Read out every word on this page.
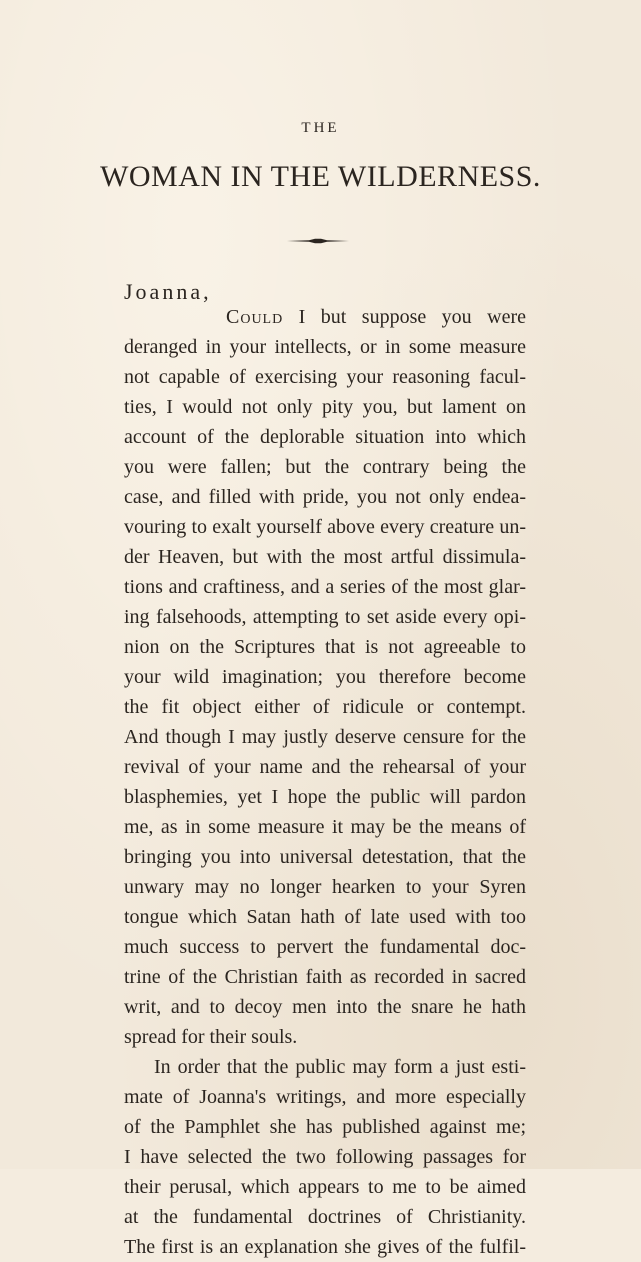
THE
WOMAN IN THE WILDERNESS.
Joanna,
Could I but suppose you were
deranged in your intellects, or in some measure
not capable of exercising your reasoning facul-
ties, I would not only pity you, but lament on
account of the deplorable situation into which
you were fallen; but the contrary being the
case, and filled with pride, you not only endea-
vouring to exalt yourself above every creature un-
der Heaven, but with the most artful dissimula-
tions and craftiness, and a series of the most glar-
ing falsehoods, attempting to set aside every opi-
nion on the Scriptures that is not agreeable to
your wild imagination; you therefore become
the fit object either of ridicule or contempt.
And though I may justly deserve censure for the
revival of your name and the rehearsal of your
blasphemies, yet I hope the public will pardon
me, as in some measure it may be the means of
bringing you into universal detestation, that the
unwary may no longer hearken to your Syren
tongue which Satan hath of late used with too
much success to pervert the fundamental doc-
trine of the Christian faith as recorded in sacred
writ, and to decoy men into the snare he hath
spread for their souls.
In order that the public may form a just esti-
mate of Joanna's writings, and more especially
of the Pamphlet she has published against me;
I have selected the two following passages for
their perusal, which appears to me to be aimed
at the fundamental doctrines of Christianity.
The first is an explanation she gives of the fulfil-
